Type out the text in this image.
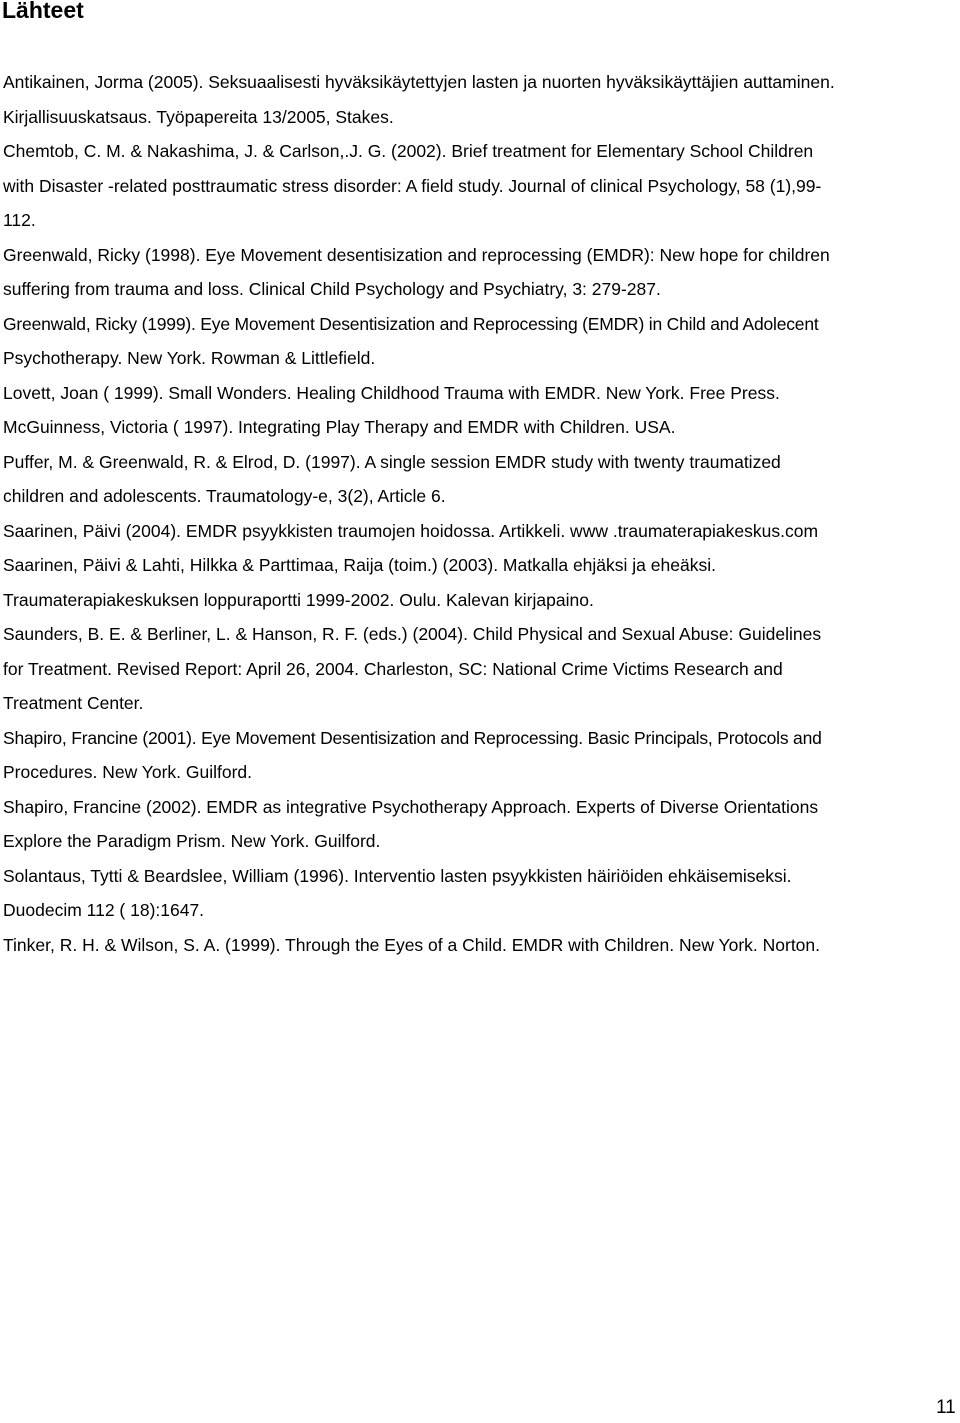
Lähteet
Antikainen, Jorma (2005). Seksuaalisesti hyväksikäytettyjen lasten ja nuorten hyväksikäyttäjien auttaminen.
Kirjallisuuskatsaus. Työpapereita 13/2005, Stakes.
Chemtob, C. M. & Nakashima, J. & Carlson,.J. G. (2002). Brief treatment for Elementary School Children
with Disaster -related posttraumatic stress disorder: A field study. Journal of clinical Psychology, 58 (1),99-
112.
Greenwald, Ricky (1998). Eye Movement desentisization and reprocessing (EMDR): New hope for children
suffering from trauma and loss. Clinical Child Psychology and Psychiatry, 3: 279-287.
Greenwald, Ricky (1999). Eye Movement Desentisization and Reprocessing (EMDR) in Child and Adolecent
Psychotherapy. New York. Rowman & Littlefield.
Lovett, Joan ( 1999). Small Wonders. Healing Childhood Trauma with EMDR. New York. Free Press.
McGuinness, Victoria ( 1997). Integrating Play Therapy and EMDR with Children. USA.
Puffer, M. & Greenwald, R. & Elrod, D. (1997). A single session EMDR study with twenty traumatized
children and adolescents. Traumatology-e, 3(2), Article 6.
Saarinen, Päivi (2004). EMDR psyykkisten traumojen hoidossa. Artikkeli. www .traumaterapiakeskus.com
Saarinen, Päivi & Lahti, Hilkka & Parttimaa, Raija (toim.) (2003). Matkalla ehjäksi ja eheäksi.
Traumaterapiakeskuksen loppuraportti 1999-2002. Oulu. Kalevan kirjapaino.
Saunders, B. E. & Berliner, L. & Hanson, R. F. (eds.) (2004). Child Physical and Sexual Abuse: Guidelines
for Treatment. Revised Report: April 26, 2004. Charleston, SC: National Crime Victims Research and
Treatment Center.
Shapiro, Francine (2001). Eye Movement Desentisization and Reprocessing. Basic Principals, Protocols and
Procedures. New York. Guilford.
Shapiro, Francine (2002). EMDR as integrative Psychotherapy Approach. Experts of Diverse Orientations
Explore the Paradigm Prism. New York. Guilford.
Solantaus, Tytti & Beardslee, William (1996). Interventio lasten psyykkisten häiriöiden ehkäisemiseksi.
Duodecim 112 ( 18):1647.
Tinker, R. H. & Wilson, S. A. (1999). Through the Eyes of a Child. EMDR with Children. New York. Norton.
11
